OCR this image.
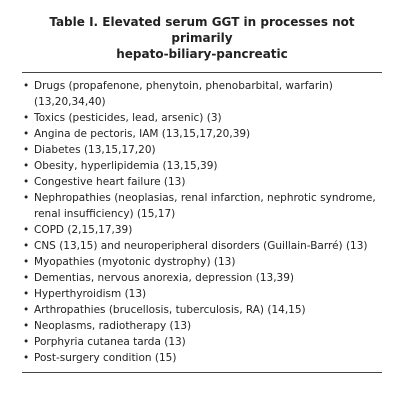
Table I. Elevated serum GGT in processes not primarily
hepato-biliary-pancreatic
• Drugs (propafenone, phenytoin, phenobarbital, warfarin) (13,20,34,40)
• Toxics (pesticides, lead, arsenic) (3)
• Angina de pectoris, IAM (13,15,17,20,39)
• Diabetes (13,15,17,20)
• Obesity, hyperlipidemia (13,15,39)
• Congestive heart failure (13)
• Nephropathies (neoplasias, renal infarction, nephrotic syndrome, renal insufficiency) (15,17)
• COPD (2,15,17,39)
• CNS (13,15) and neuroperipheral disorders (Guillain-Barré) (13)
• Myopathies (myotonic dystrophy) (13)
• Dementias, nervous anorexia, depression (13,39)
• Hyperthyroidism (13)
• Arthropathies (brucellosis, tuberculosis, RA) (14,15)
• Neoplasms, radiotherapy (13)
• Porphyria cutanea tarda (13)
• Post-surgery condition (15)
